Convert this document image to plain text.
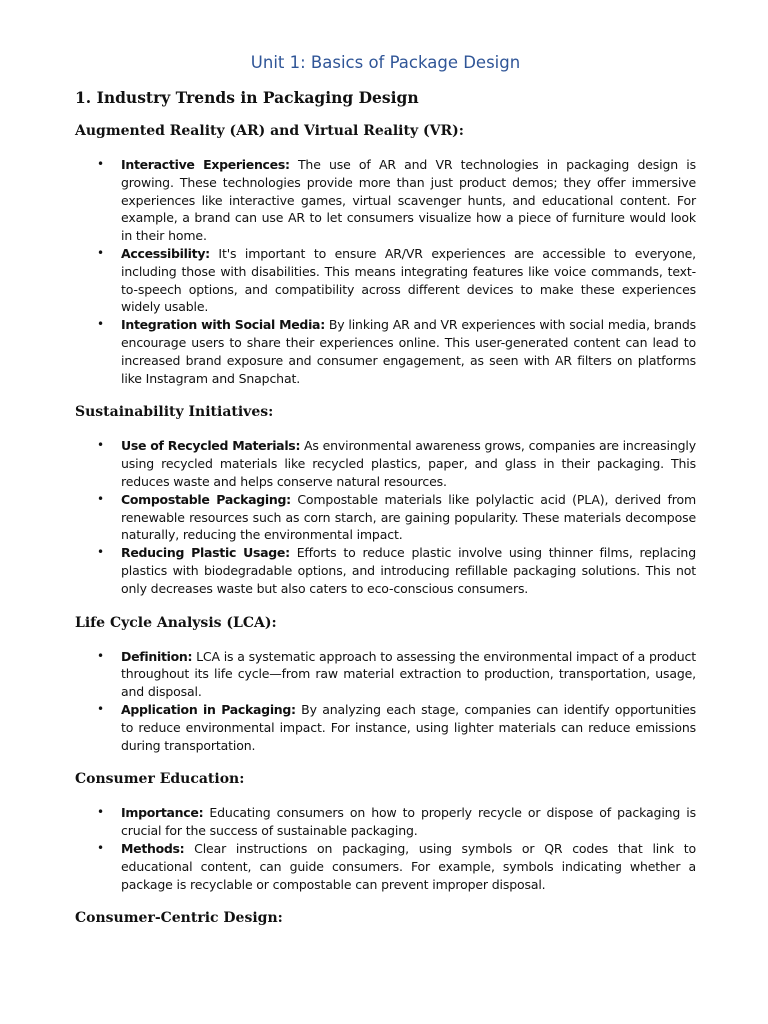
Unit 1: Basics of Package Design
1. Industry Trends in Packaging Design
Augmented Reality (AR) and Virtual Reality (VR):
• Interactive Experiences: The use of AR and VR technologies in packaging design is growing. These technologies provide more than just product demos; they offer immersive experiences like interactive games, virtual scavenger hunts, and educational content. For example, a brand can use AR to let consumers visualize how a piece of furniture would look in their home.
• Accessibility: It's important to ensure AR/VR experiences are accessible to everyone, including those with disabilities. This means integrating features like voice commands, text-to-speech options, and compatibility across different devices to make these experiences widely usable.
• Integration with Social Media: By linking AR and VR experiences with social media, brands encourage users to share their experiences online. This user-generated content can lead to increased brand exposure and consumer engagement, as seen with AR filters on platforms like Instagram and Snapchat.
Sustainability Initiatives:
• Use of Recycled Materials: As environmental awareness grows, companies are increasingly using recycled materials like recycled plastics, paper, and glass in their packaging. This reduces waste and helps conserve natural resources.
• Compostable Packaging: Compostable materials like polylactic acid (PLA), derived from renewable resources such as corn starch, are gaining popularity. These materials decompose naturally, reducing the environmental impact.
• Reducing Plastic Usage: Efforts to reduce plastic involve using thinner films, replacing plastics with biodegradable options, and introducing refillable packaging solutions. This not only decreases waste but also caters to eco-conscious consumers.
Life Cycle Analysis (LCA):
• Definition: LCA is a systematic approach to assessing the environmental impact of a product throughout its life cycle—from raw material extraction to production, transportation, usage, and disposal.
• Application in Packaging: By analyzing each stage, companies can identify opportunities to reduce environmental impact. For instance, using lighter materials can reduce emissions during transportation.
Consumer Education:
• Importance: Educating consumers on how to properly recycle or dispose of packaging is crucial for the success of sustainable packaging.
• Methods: Clear instructions on packaging, using symbols or QR codes that link to educational content, can guide consumers. For example, symbols indicating whether a package is recyclable or compostable can prevent improper disposal.
Consumer-Centric Design:
